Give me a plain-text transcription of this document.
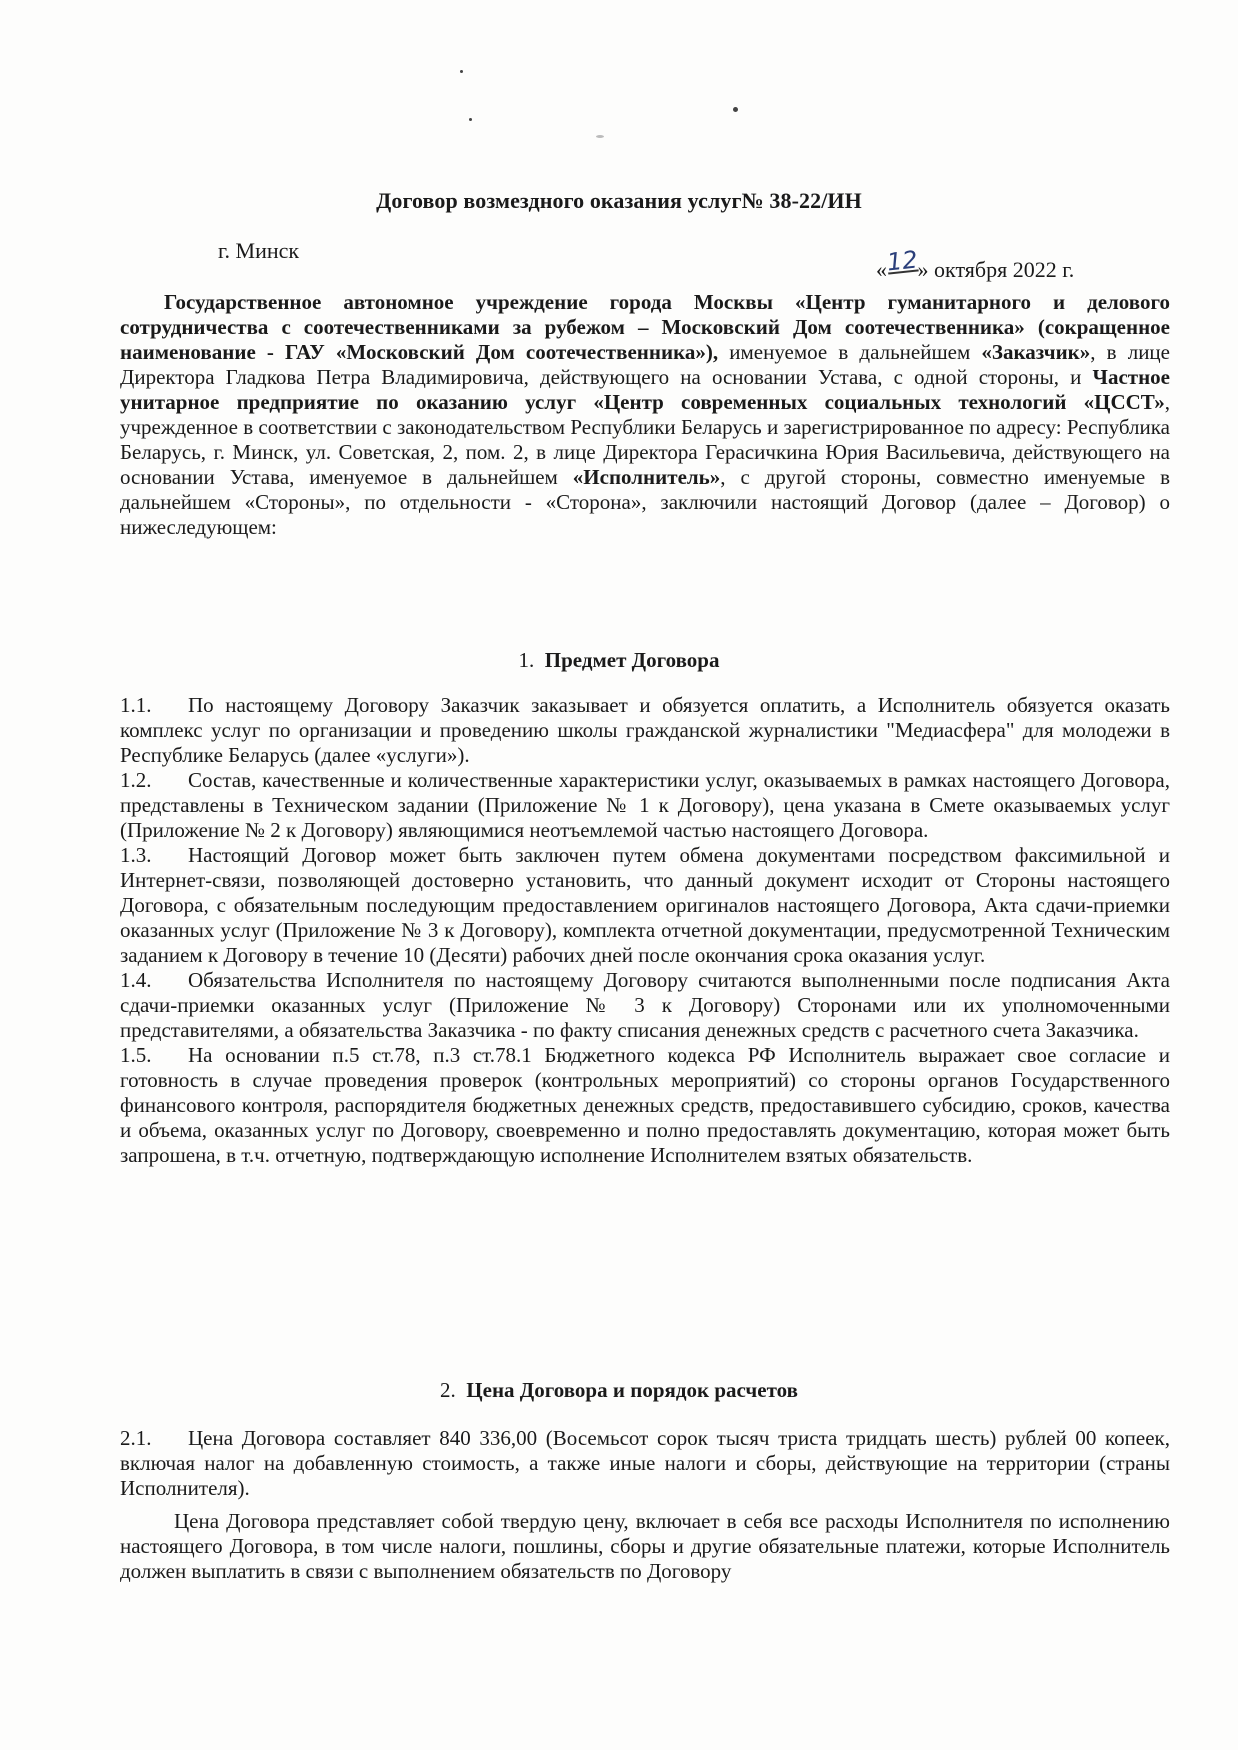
Договор возмездного оказания услуг№ 38-22/ИН
г. Минск
«12» октября 2022 г.
Государственное автономное учреждение города Москвы «Центр гуманитарного и делового сотрудничества с соотечественниками за рубежом – Московский Дом соотечественника» (сокращенное наименование - ГАУ «Московский Дом соотечественника»), именуемое в дальнейшем «Заказчик», в лице Директора Гладкова Петра Владимировича, действующего на основании Устава, с одной стороны, и Частное унитарное предприятие по оказанию услуг «Центр современных социальных технологий «ЦССТ», учрежденное в соответствии с законодательством Республики Беларусь и зарегистрированное по адресу: Республика Беларусь, г. Минск, ул. Советская, 2, пом. 2, в лице Директора Герасичкина Юрия Васильевича, действующего на основании Устава, именуемое в дальнейшем «Исполнитель», с другой стороны, совместно именуемые в дальнейшем «Стороны», по отдельности - «Сторона», заключили настоящий Договор (далее – Договор) о нижеследующем:
1. Предмет Договора

1.1. По настоящему Договору Заказчик заказывает и обязуется оплатить, а Исполнитель обязуется оказать комплекс услуг по организации и проведению школы гражданской журналистики "Медиасфера" для молодежи в Республике Беларусь (далее «услуги»).

1.2. Состав, качественные и количественные характеристики услуг, оказываемых в рамках настоящего Договора, представлены в Техническом задании (Приложение № 1 к Договору), цена указана в Смете оказываемых услуг (Приложение № 2 к Договору) являющимися неотъемлемой частью настоящего Договора.

1.3. Настоящий Договор может быть заключен путем обмена документами посредством факсимильной и Интернет-связи, позволяющей достоверно установить, что данный документ исходит от Стороны настоящего Договора, с обязательным последующим предоставлением оригиналов настоящего Договора, Акта сдачи-приемки оказанных услуг (Приложение № 3 к Договору), комплекта отчетной документации, предусмотренной Техническим заданием к Договору в течение 10 (Десяти) рабочих дней после окончания срока оказания услуг.

1.4. Обязательства Исполнителя по настоящему Договору считаются выполненными после подписания Акта сдачи-приемки оказанных услуг (Приложение № 3 к Договору) Сторонами или их уполномоченными представителями, а обязательства Заказчика - по факту списания денежных средств с расчетного счета Заказчика.

1.5. На основании п.5 ст.78, п.3 ст.78.1 Бюджетного кодекса РФ Исполнитель выражает свое согласие и готовность в случае проведения проверок (контрольных мероприятий) со стороны органов Государственного финансового контроля, распорядителя бюджетных денежных средств, предоставившего субсидию, сроков, качества и объема, оказанных услуг по Договору, своевременно и полно предоставлять документацию, которая может быть запрошена, в т.ч. отчетную, подтверждающую исполнение Исполнителем взятых обязательств.

2. Цена Договора и порядок расчетов

2.1. Цена Договора составляет 840 336,00 (Восемьсот сорок тысяч триста тридцать шесть) рублей 00 копеек, включая налог на добавленную стоимость, а также иные налоги и сборы, действующие на территории (страны Исполнителя).

Цена Договора представляет собой твердую цену, включает в себя все расходы Исполнителя по исполнению настоящего Договора, в том числе налоги, пошлины, сборы и другие обязательные платежи, которые Исполнитель должен выплатить в связи с выполнением обязательств по Договору
